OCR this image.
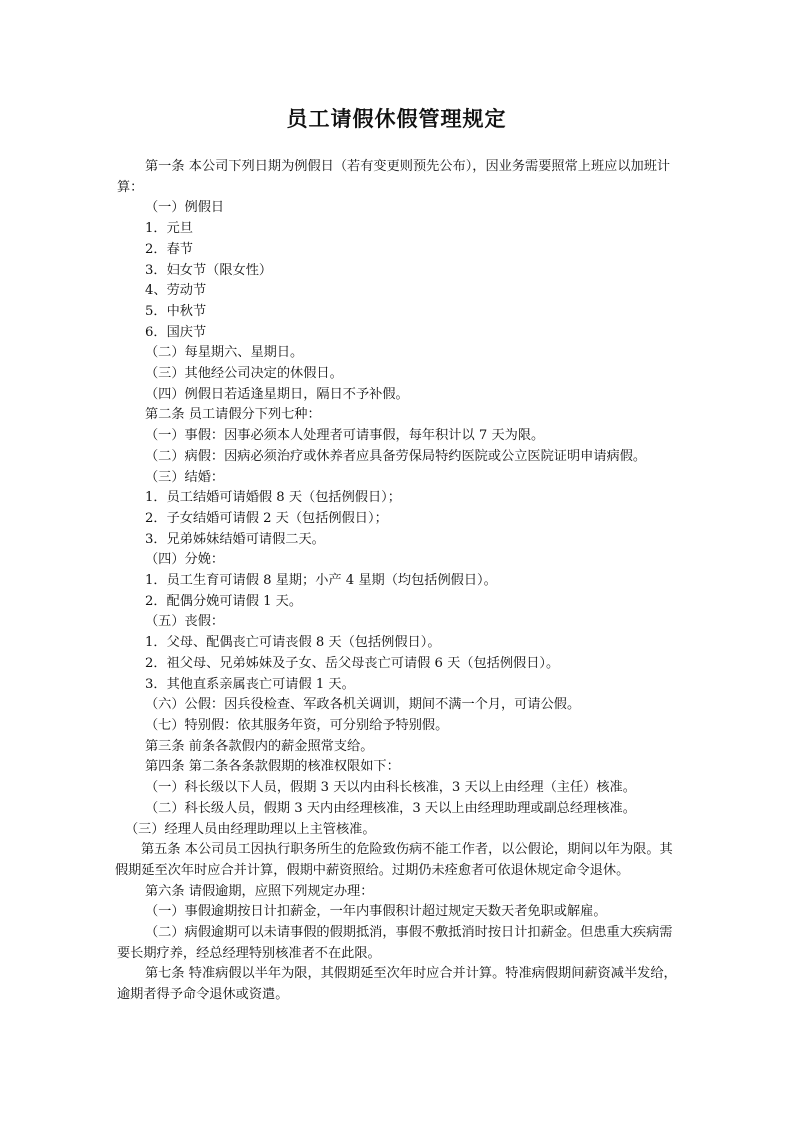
员工请假休假管理规定

第一条 本公司下列日期为例假日（若有变更则预先公布），因业务需要照常上班应以加班计算：

（一）例假日

1．元旦

2．春节

3．妇女节（限女性）

4、劳动节

5．中秋节

6．国庆节

（二）每星期六、星期日。

（三）其他经公司决定的休假日。

（四）例假日若适逢星期日，隔日不予补假。

第二条 员工请假分下列七种：

（一）事假：因事必须本人处理者可请事假，每年积计以 7 天为限。

（二）病假：因病必须治疗或休养者应具备劳保局特约医院或公立医院证明申请病假。

（三）结婚：

1．员工结婚可请婚假 8 天（包括例假日）；

2．子女结婚可请假 2 天（包括例假日）；

3．兄弟姊妹结婚可请假二天。

（四）分娩：

1．员工生育可请假 8 星期；小产 4 星期（均包括例假日）。

2．配偶分娩可请假 1 天。

（五）丧假：

1．父母、配偶丧亡可请丧假 8 天（包括例假日）。

2．祖父母、兄弟姊妹及子女、岳父母丧亡可请假 6 天（包括例假日）。

3．其他直系亲属丧亡可请假 1 天。

（六）公假：因兵役检查、军政各机关调训，期间不满一个月，可请公假。

（七）特别假：依其服务年资，可分别给予特别假。

第三条 前条各款假内的薪金照常支给。

第四条 第二条各条款假期的核准权限如下：

（一）科长级以下人员，假期 3 天以内由科长核准，3 天以上由经理（主任）核准。

（二）科长级人员，假期 3 天内由经理核准，3 天以上由经理助理或副总经理核准。

（三）经理人员由经理助理以上主管核准。

第五条 本公司员工因执行职务所生的危险致伤病不能工作者，以公假论，期间以年为限。其假期延至次年时应合并计算，假期中薪资照给。过期仍未痊愈者可依退休规定命令退休。

第六条 请假逾期，应照下列规定办理：

（一）事假逾期按日计扣薪金，一年内事假积计超过规定天数天者免职或解雇。

（二）病假逾期可以未请事假的假期抵消，事假不敷抵消时按日计扣薪金。但患重大疾病需要长期疗养，经总经理特别核准者不在此限。

第七条 特准病假以半年为限，其假期延至次年时应合并计算。特准病假期间薪资减半发给，逾期者得予命令退休或资遣。
